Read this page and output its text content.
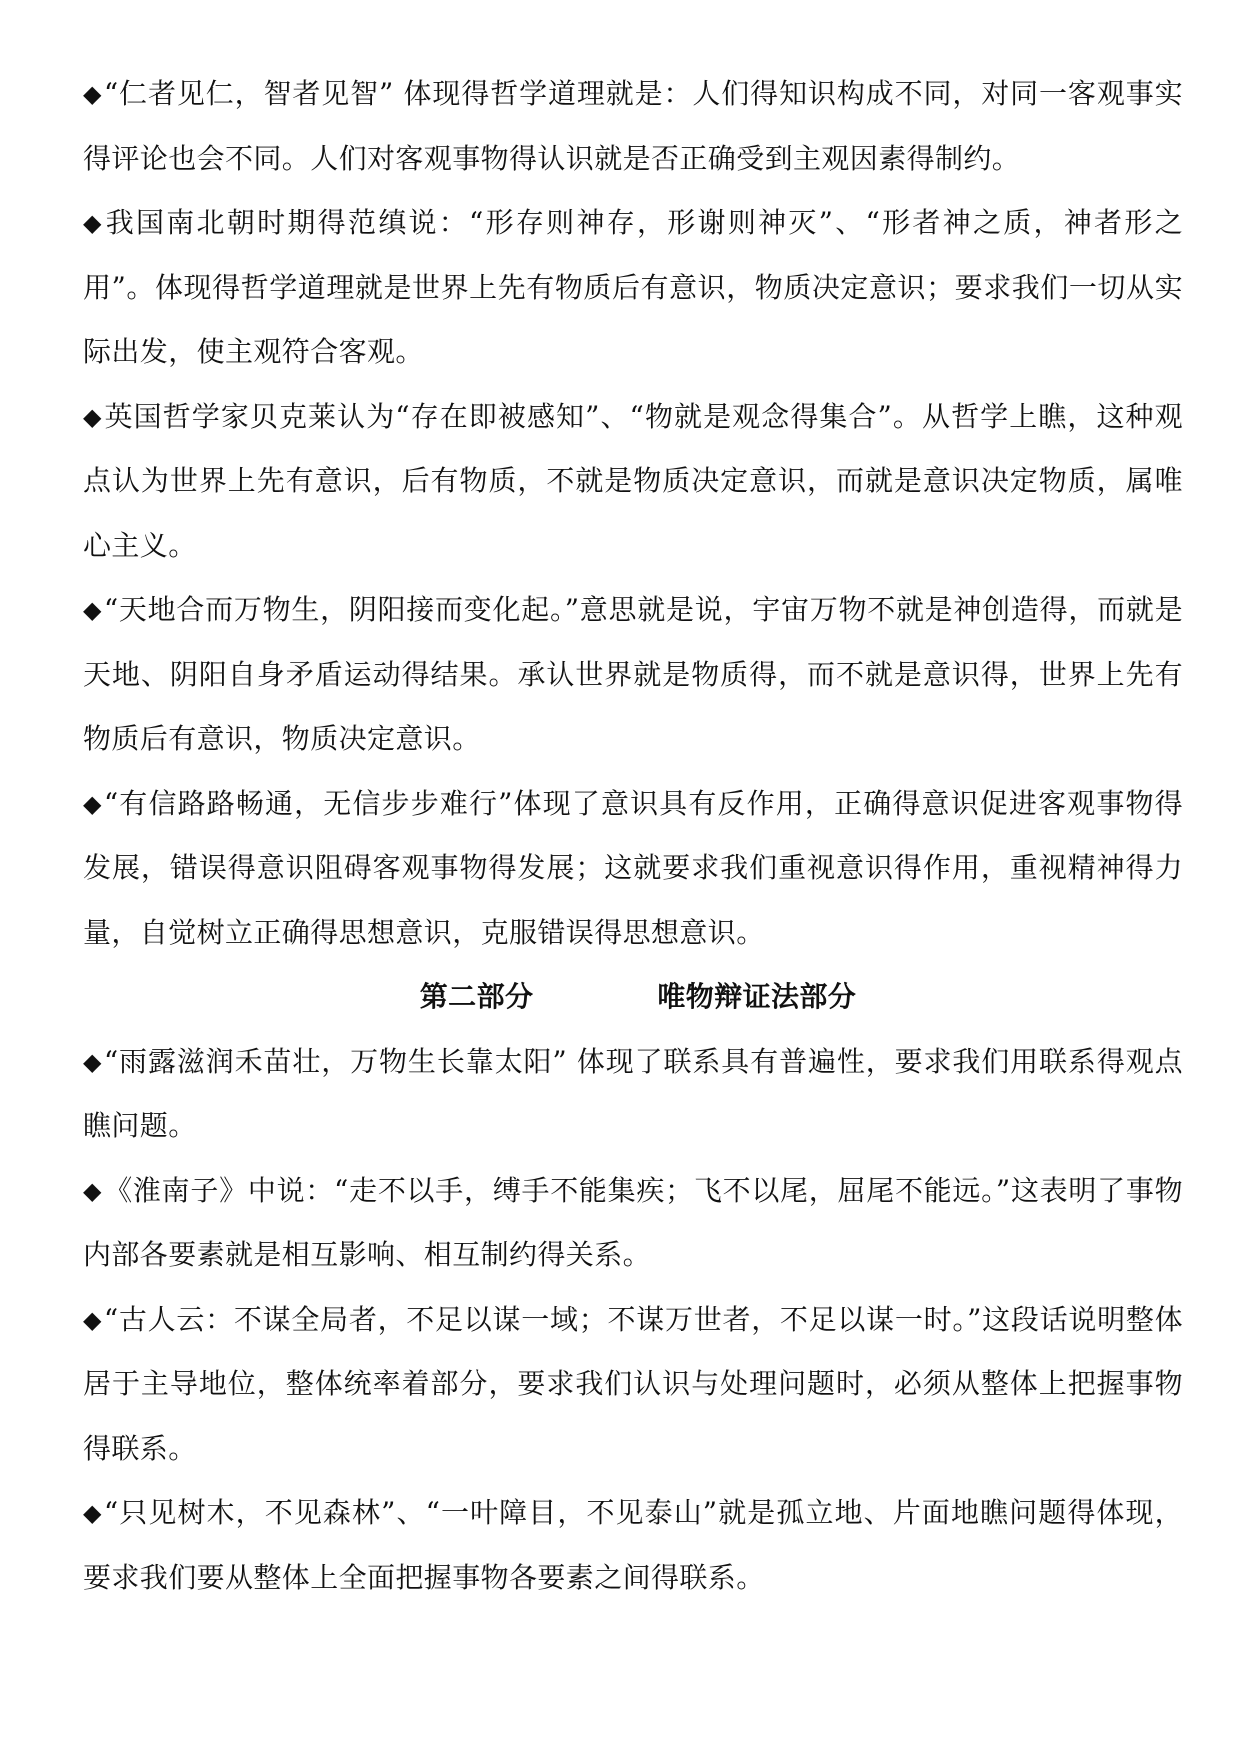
◆“仁者见仁，智者见智” 体现得哲学道理就是：人们得知识构成不同，对同一客观事实得评论也会不同。人们对客观事物得认识就是否正确受到主观因素得制约。

◆我国南北朝时期得范缜说：“形存则神存，形谢则神灭”、“形者神之质，神者形之用”。体现得哲学道理就是世界上先有物质后有意识，物质决定意识；要求我们一切从实际出发，使主观符合客观。

◆英国哲学家贝克莱认为“存在即被感知”、“物就是观念得集合”。从哲学上瞧，这种观点认为世界上先有意识，后有物质，不就是物质决定意识，而就是意识决定物质，属唯心主义。

◆“天地合而万物生，阴阳接而变化起。”意思就是说，宇宙万物不就是神创造得，而就是天地、阴阳自身矛盾运动得结果。承认世界就是物质得，而不就是意识得，世界上先有物质后有意识，物质决定意识。

◆“有信路路畅通，无信步步难行”体现了意识具有反作用，正确得意识促进客观事物得发展，错误得意识阻碍客观事物得发展；这就要求我们重视意识得作用，重视精神得力量，自觉树立正确得思想意识，克服错误得思想意识。

第二部分	唯物辩证法部分

◆“雨露滋润禾苗壮，万物生长靠太阳” 体现了联系具有普遍性，要求我们用联系得观点瞧问题。

◆《淮南子》中说：“走不以手，缚手不能集疾；飞不以尾，屈尾不能远。”这表明了事物内部各要素就是相互影响、相互制约得关系。

◆“古人云：不谋全局者，不足以谋一域；不谋万世者，不足以谋一时。”这段话说明整体居于主导地位，整体统率着部分，要求我们认识与处理问题时，必须从整体上把握事物得联系。

◆“只见树木，不见森林”、“一叶障目，不见泰山”就是孤立地、片面地瞧问题得体现，要求我们要从整体上全面把握事物各要素之间得联系。
